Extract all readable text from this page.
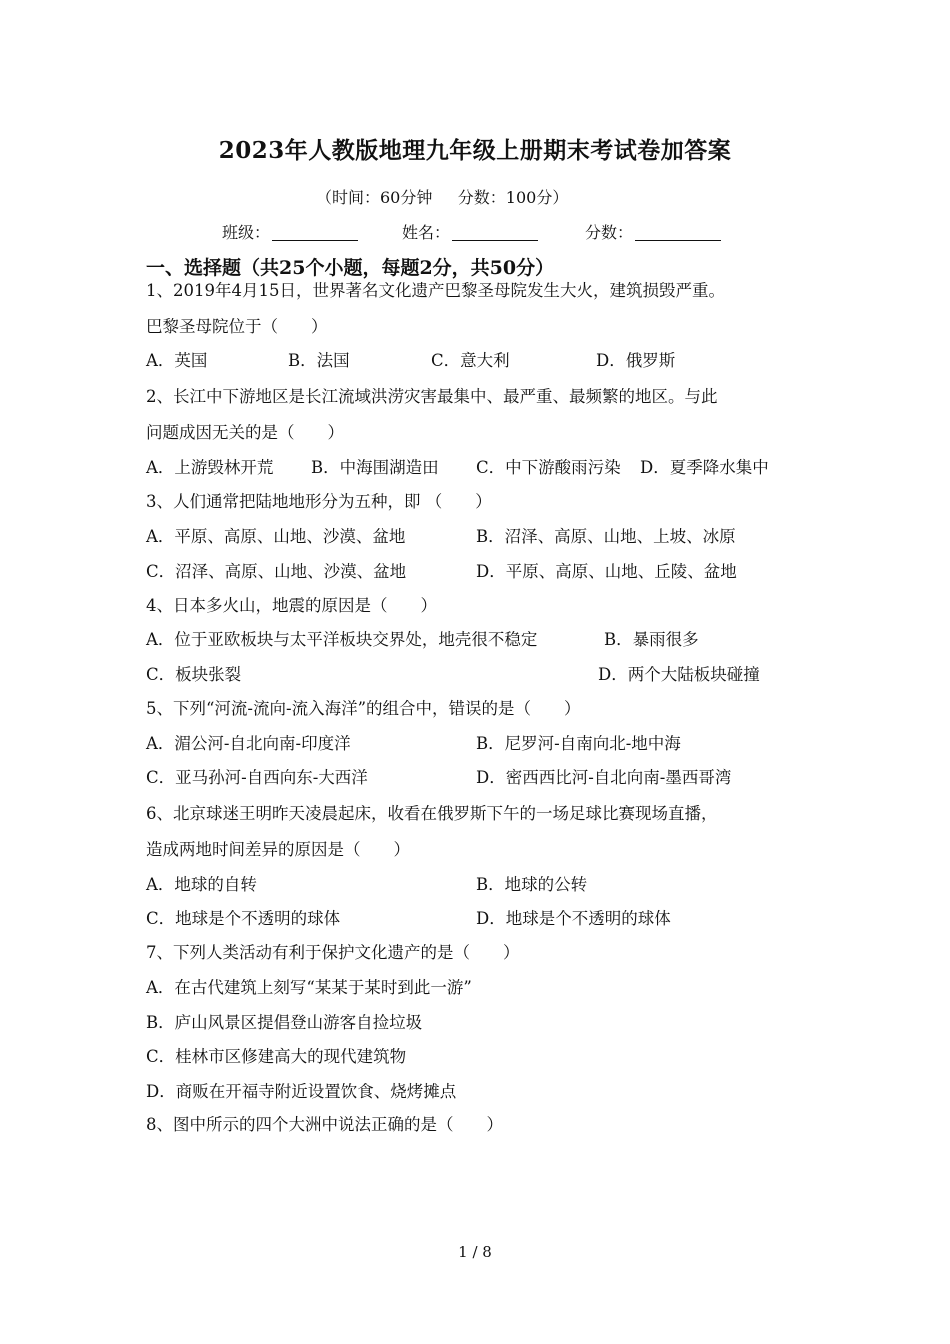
2023年人教版地理九年级上册期末考试卷加答案
（时间：60分钟     分数：100分）
班级：	姓名：	分数：
一、选择题（共25个小题，每题2分，共50分）
1、2019年4月15日，世界著名文化遗产巴黎圣母院发生大火，建筑损毁严重。
巴黎圣母院位于（　　）
A．英国	B．法国	C．意大利	D．俄罗斯
2、长江中下游地区是长江流域洪涝灾害最集中、最严重、最频繁的地区。与此
问题成因无关的是（　　）
A．上游毁林开荒 B．中海围湖造田 C．中下游酸雨污染 D．夏季降水集中
3、人们通常把陆地地形分为五种，即 （　　）
A．平原、高原、山地、沙漠、盆地	B．沼泽、高原、山地、上坡、冰原
C．沼泽、高原、山地、沙漠、盆地	D．平原、高原、山地、丘陵、盆地
4、日本多火山，地震的原因是（　　）
A．位于亚欧板块与太平洋板块交界处，地壳很不稳定	B．暴雨很多
C．板块张裂	D．两个大陆板块碰撞
5、下列“河流-流向-流入海洋”的组合中，错误的是（　　）
A．湄公河-自北向南-印度洋	B．尼罗河-自南向北-地中海
C．亚马孙河-自西向东-大西洋	D．密西西比河-自北向南-墨西哥湾
6、北京球迷王明昨天凌晨起床，收看在俄罗斯下午的一场足球比赛现场直播，
造成两地时间差异的原因是（　　）
A．地球的自转	B．地球的公转
C．地球是个不透明的球体	D．地球是个不透明的球体
7、下列人类活动有利于保护文化遗产的是（　　）
A．在古代建筑上刻写“某某于某时到此一游”
B．庐山风景区提倡登山游客自捡垃圾
C．桂林市区修建高大的现代建筑物
D．商贩在开福寺附近设置饮食、烧烤摊点
8、图中所示的四个大洲中说法正确的是（　　）
1 / 8
